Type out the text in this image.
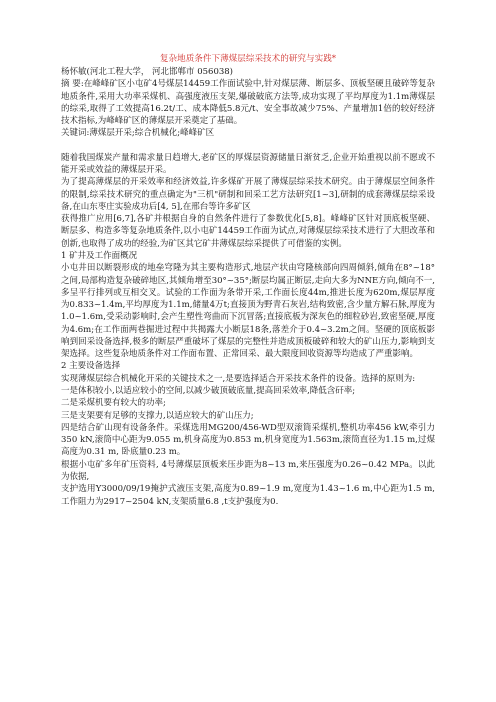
复杂地质条件下薄煤层综采技术的研究与实践*

杨怀敏(河北工程大学， 河北邯郸市 056038)

摘 要:在峰峰矿区小屯矿4号煤层14459工作面试验中,针对煤层薄、断层多、顶板坚硬且破碎等复杂地质条件,采用大功率采煤机、高强度液压支架,爆破破底方法等,成功实现了平均厚度为1.1m薄煤层的综采,取得了工效提高16.2t/工、成本降低5.8元/t、安全事故减少75%、产量增加1倍的较好经济技术指标,为峰峰矿区的薄煤层开采奠定了基础。

关键词:薄煤层开采;综合机械化;峰峰矿区

随着我国煤炭产量和需求量日趋增大,老矿区的厚煤层资源储量日渐贫乏,企业开始重视以前不愿或不能开采或效益的薄煤层开采。

为了提高薄煤层的开采效率和经济效益,许多煤矿开展了薄煤层综采技术研究。由于薄煤层空间条件的限制,综采技术研究的重点确定为"三机"研制和回采工艺方法研究[1~3],研制的成套薄煤层综采设备,在山东枣庄实验成功后[4, 5],在邢台等许多矿区

获得推广应用[6,7],各矿并根据自身的自然条件进行了参数优化[5,8]。峰峰矿区针对顶底板坚硬、断层多、构造多等复杂地质条件,以小屯矿14459工作面为试点,对薄煤层综采技术进行了大胆改革和创新,也取得了成功的经验,为矿区其它矿井薄煤层综采提供了可借鉴的实例。

1 矿井及工作面概况

小屯井田以断裂形成的地垒穹隆为其主要构造形式,地层产状由穹隆核部向四周倾斜,倾角在8°~18°之间,局部构造复杂破碎地区,其倾角增至30°~35°;断层均属正断层,走向大多为NNE方向,倾向不一,多呈平行排列或互相交叉。试验的工作面为条带开采,工作面长度44m,推进长度为620m,煤层厚度为0.833~1.4m,平均厚度为1.1m,储量4万t;直接顶为野青石灰岩,结构致密,含少量方解石脉,厚度为1.0~1.6m,受采动影响时,会产生塑性弯曲而下沉冒落;直接底板为深灰色的细粒砂岩,致密坚硬,厚度为4.6m;在工作面两巷掘进过程中共揭露大小断层18条,落差介于0.4~3.2m之间。坚硬的顶底板影响到回采设备选择,极多的断层严重破坏了煤层的完整性并造成顶板破碎和较大的矿山压力,影响到支架选择。这些复杂地质条件对工作面布置、正常回采、最大限度回收资源等均造成了严重影响。

2 主要设备选择

实现薄煤层综合机械化开采的关键技术之一,是要选择适合开采技术条件的设备。选择的原则为:

一是体积较小,以适应较小的空间,以减少破顶破底量,提高回采效率,降低含矸率;

二是采煤机要有较大的功率;

三是支架要有足够的支撑力,以适应较大的矿山压力;

四是结合矿山现有设备条件。采煤选用MG200/456-WD型双滚筒采煤机,整机功率456 kW,牵引力350 kN,滚筒中心距为9.055 m,机身高度为0.853 m,机身宽度为1.563m,滚筒直径为1.15 m,过煤高度为0.31 m, 卧底量0.23 m。

根据小屯矿多年矿压资料, 4号薄煤层顶板来压步距为8~13 m,来压强度为0.26~0.42 MPa。以此为依据,

支护选用Y3000/09/19掩护式液压支架,高度为0.89~1.9 m,宽度为1.43~1.6 m,中心距为1.5 m,工作阻力为2917~2504 kN,支架质量6.8 ,t支护强度为0.
